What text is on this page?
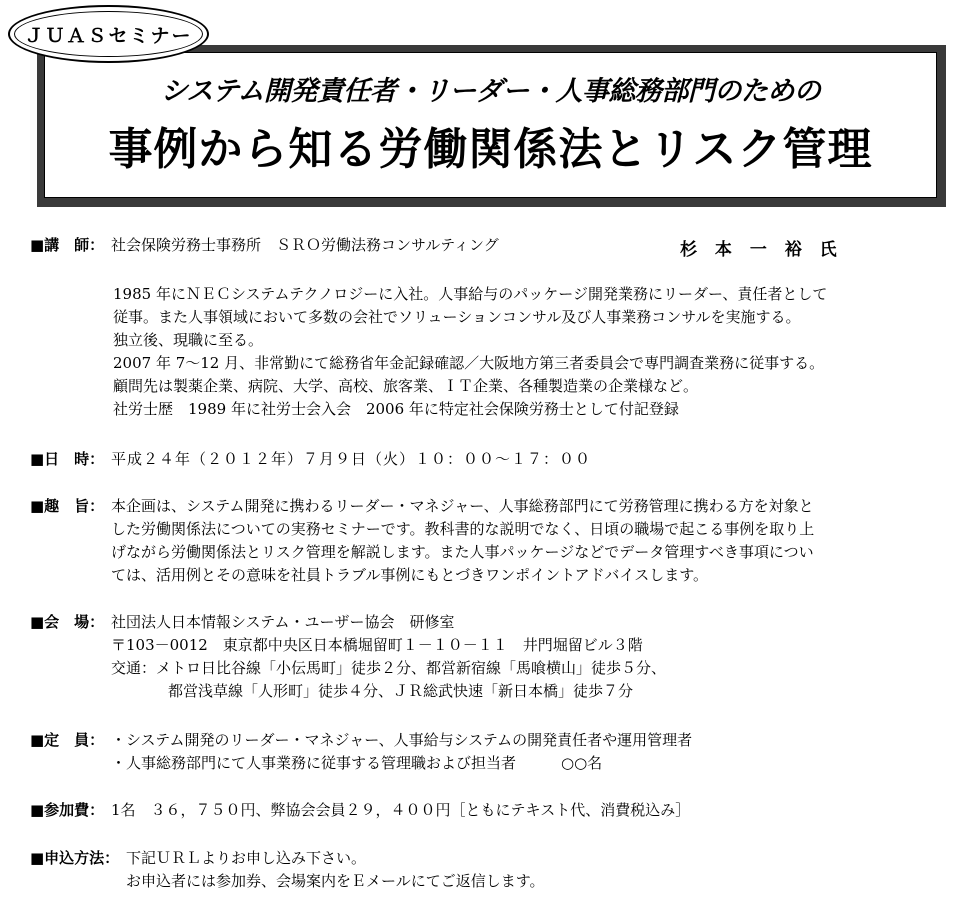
ＪＵＡＳセミナー
システム開発責任者・リーダー・人事総務部門のための
事例から知る労働関係法とリスク管理
■講　師： 社会保険労務士事務所　ＳＲＯ労働法務コンサルティング	杉 本 一 裕 氏
1985 年にＮＥＣシステムテクノロジーに入社。人事給与のパッケージ開発業務にリーダー、責任者として
従事。また人事領域において多数の会社でソリューションコンサル及び人事業務コンサルを実施する。
独立後、現職に至る。
2007 年 7～12 月、非常勤にて総務省年金記録確認／大阪地方第三者委員会で専門調査業務に従事する。
顧問先は製薬企業、病院、大学、高校、旅客業、ＩＴ企業、各種製造業の企業様など。
社労士歴　1989 年に社労士会入会　2006 年に特定社会保険労務士として付記登録
■日　時： 平成２４年（２０１２年）７月９日（火）１０：００～１７：００
■趣　旨： 本企画は、システム開発に携わるリーダー・マネジャー、人事総務部門にて労務管理に携わる方を対象と
した労働関係法についての実務セミナーです。教科書的な説明でなく、日頃の職場で起こる事例を取り上
げながら労働関係法とリスク管理を解説します。また人事パッケージなどでデータ管理すべき事項につい
ては、活用例とその意味を社員トラブル事例にもとづきワンポイントアドバイスします。
■会　場： 社団法人日本情報システム・ユーザー協会　研修室
〒103－0012　東京都中央区日本橋堀留町１－１０－１１　井門堀留ビル３階
交通：メトロ日比谷線「小伝馬町」徒歩２分、都営新宿線「馬喰横山」徒歩５分、
都営浅草線「人形町」徒歩４分、ＪＲ総武快速「新日本橋」徒歩７分
■定　員： ・システム開発のリーダー・マネジャー、人事給与システムの開発責任者や運用管理者
・人事総務部門にて人事業務に従事する管理職および担当者　　　○○名
■参加費： 1名　３６，７５０円、弊協会会員２９，４００円［ともにテキスト代、消費税込み］
■申込方法： 下記ＵＲＬよりお申し込み下さい。
お申込者には参加券、会場案内をＥメールにてご返信します。
